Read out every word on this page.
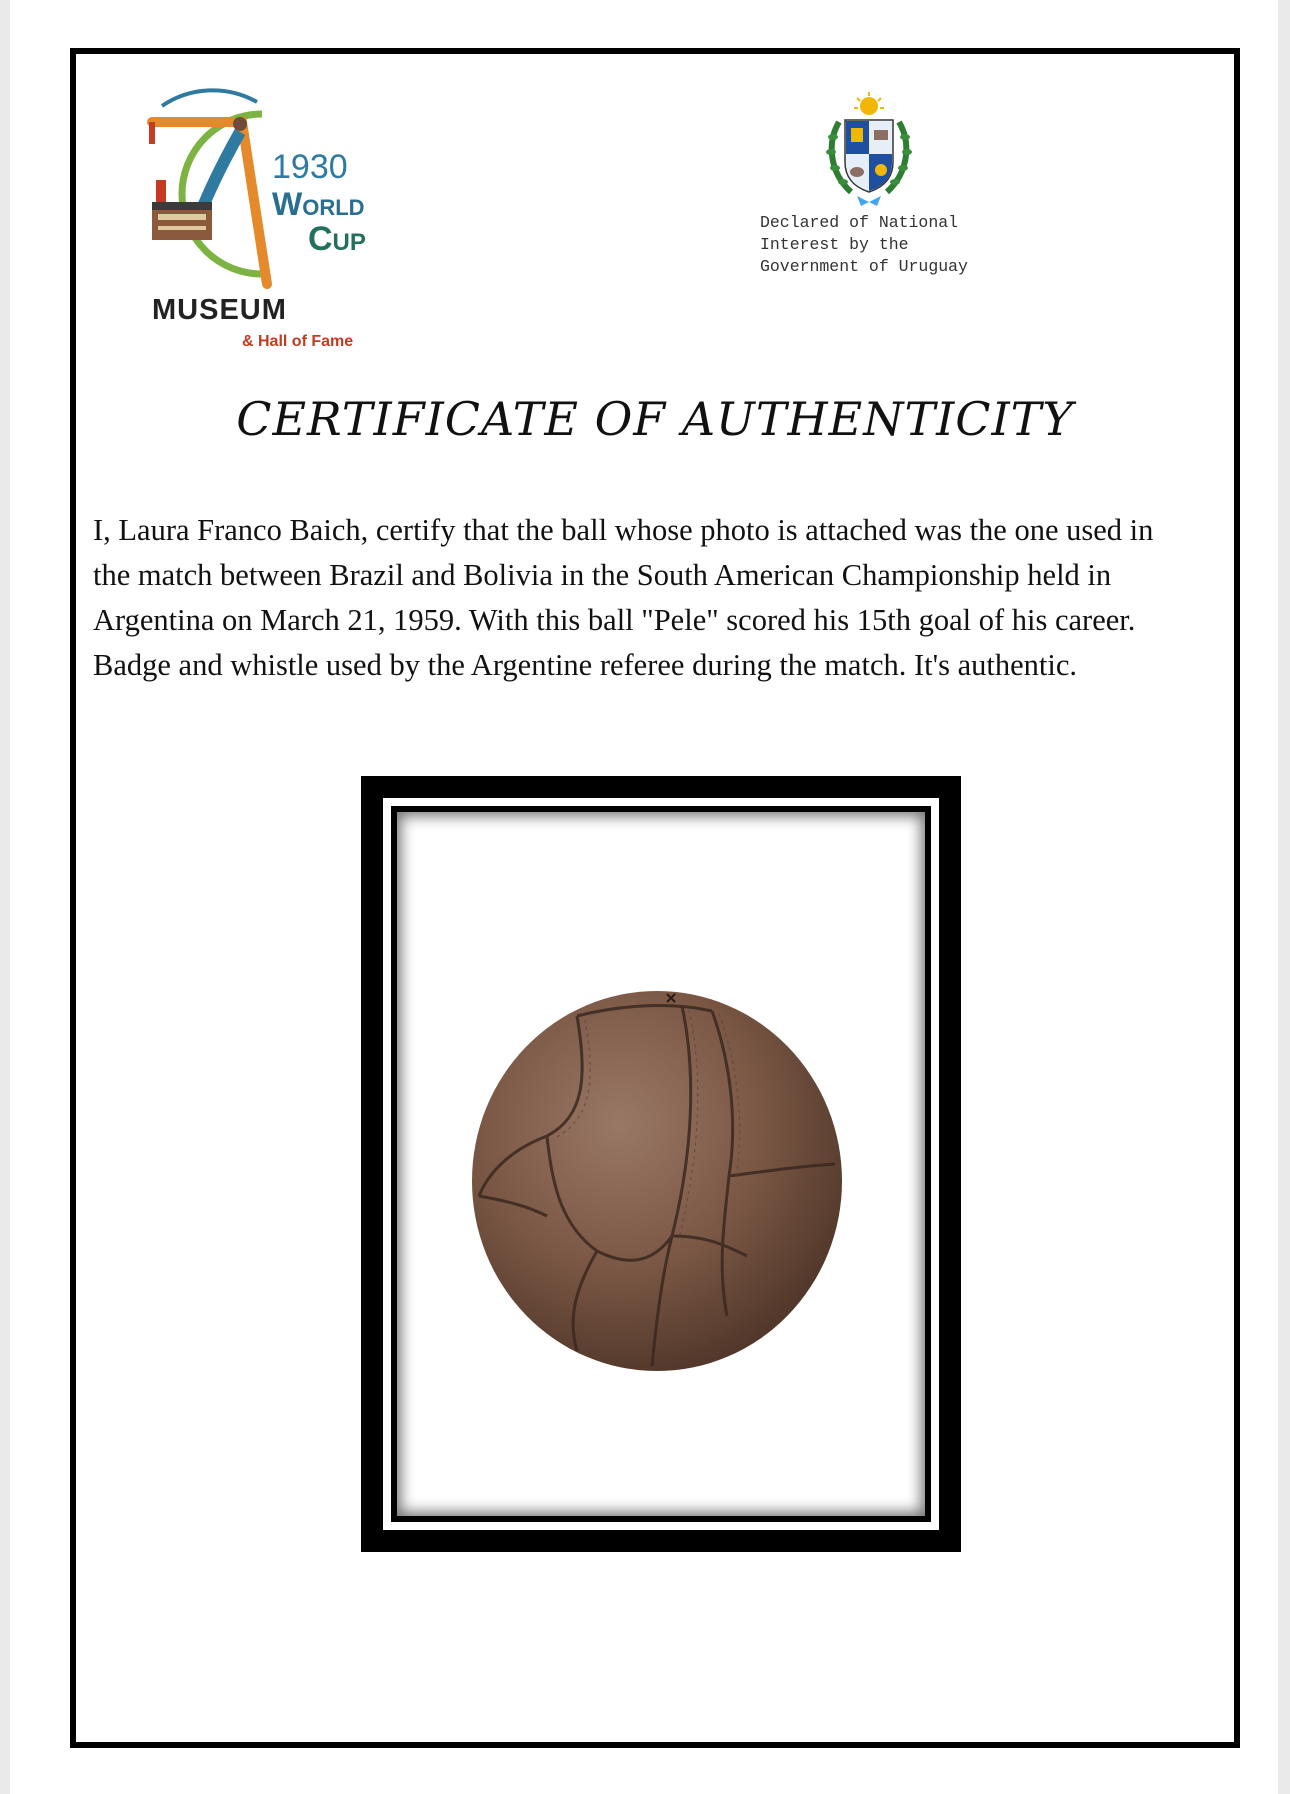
1930
World
Cup
MUSEUM
& Hall of Fame
Declared of National
Interest by the
Government of Uruguay
CERTIFICATE OF AUTHENTICITY
I, Laura Franco Baich, certify that the ball whose photo is attached was the one used in the match between Brazil and Bolivia in the South American Championship held in Argentina on March 21, 1959. With this ball "Pele" scored his 15th goal of his career. Badge and whistle used by the Argentine referee during the match. It's authentic.
